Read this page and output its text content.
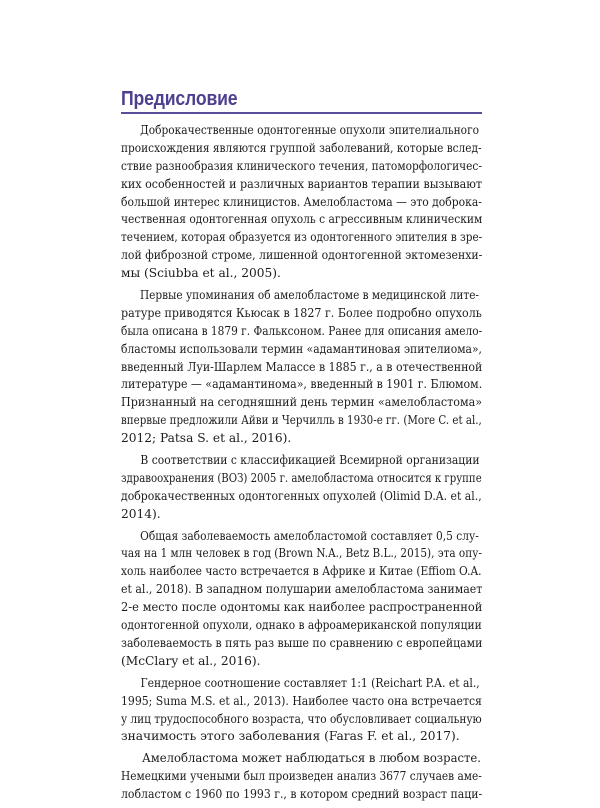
Предисловие
Доброкачественные одонтогенные опухоли эпителиального
происхождения являются группой заболеваний, которые вслед-
ствие разнообразия клинического течения, патоморфологичес-
ких особенностей и различных вариантов терапии вызывают
большой интерес клиницистов. Амелобластома — это доброка-
чественная одонтогенная опухоль с агрессивным клиническим
течением, которая образуется из одонтогенного эпителия в зре-
лой фиброзной строме, лишенной одонтогенной эктомезенхи-
мы (Sciubba et al., 2005).
Первые упоминания об амелобластоме в медицинской лите-
ратуре приводятся Кьюсак в 1827 г. Более подробно опухоль
была описана в 1879 г. Фальксоном. Ранее для описания амело-
бластомы использовали термин «адамантиновая эпителиома»,
введенный Луи-Шарлем Малассе в 1885 г., а в отечественной
литературе — «адамантинома», введенный в 1901 г. Блюмом.
Признанный на сегодняшний день термин «амелобластома»
впервые предложили Айви и Черчилль в 1930-е гг. (More C. et al.,
2012; Patsa S. et al., 2016).
В соответствии с классификацией Всемирной организации
здравоохранения (ВОЗ) 2005 г. амелобластома относится к группе
доброкачественных одонтогенных опухолей (Olimid D.A. et al.,
2014).
Общая заболеваемость амелобластомой составляет 0,5 слу-
чая на 1 млн человек в год (Brown N.A., Betz B.L., 2015), эта опу-
холь наиболее часто встречается в Африке и Китае (Effiom O.A.
et al., 2018). В западном полушарии амелобластома занимает
2-е место после одонтомы как наиболее распространенной
одонтогенной опухоли, однако в афроамериканской популяции
заболеваемость в пять раз выше по сравнению с европейцами
(McClary et al., 2016).
Гендерное соотношение составляет 1:1 (Reichart P.A. et al.,
1995; Suma M.S. et al., 2013). Наиболее часто она встречается
у лиц трудоспособного возраста, что обусловливает социальную
значимость этого заболевания (Faras F. et al., 2017).
Амелобластома может наблюдаться в любом возрасте.
Немецкими учеными был произведен анализ 3677 случаев аме-
лобластом с 1960 по 1993 г., в котором средний возраст паци-
